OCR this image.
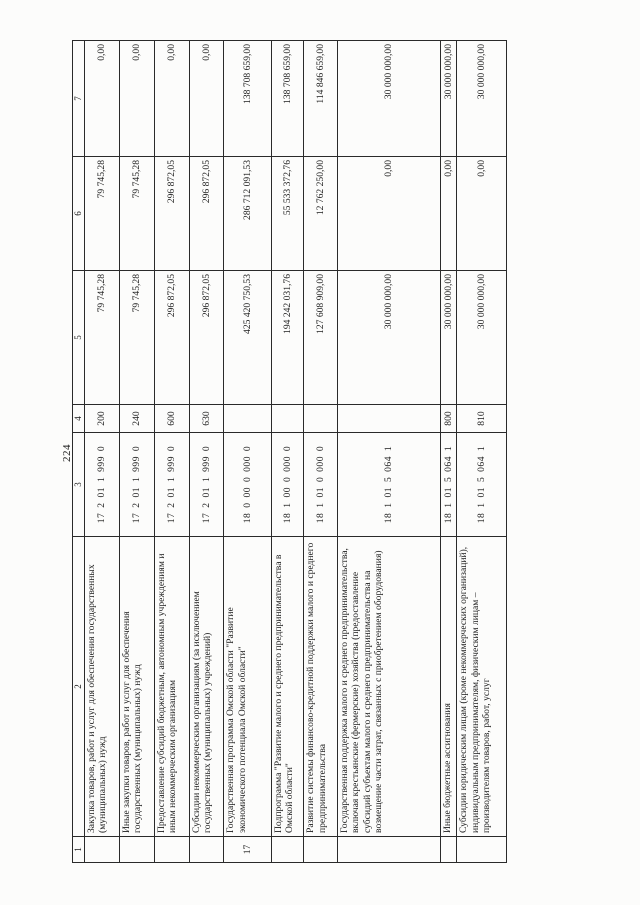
224
1	2	3	4	5	6	7
	Закупка товаров, работ и услуг для обеспечения государственных (муниципальных) нужд	17 2 01 1 999 0	200	79 745,28	79 745,28	0,00
	Иные закупки товаров, работ и услуг для обеспечения государственных (муниципальных) нужд	17 2 01 1 999 0	240	79 745,28	79 745,28	0,00
	Предоставление субсидий бюджетным, автономным учреждениям и иным некоммерческим организациям	17 2 01 1 999 0	600	296 872,05	296 872,05	0,00
	Субсидии некоммерческим организациям (за исключением государственных (муниципальных) учреждений)	17 2 01 1 999 0	630	296 872,05	296 872,05	0,00
17	Государственная программа Омской области "Развитие экономического потенциала Омской области"	18 0 00 0 000 0		425 420 750,53	286 712 091,53	138 708 659,00
	Подпрограмма "Развитие малого и среднего предпринимательства в Омской области"	18 1 00 0 000 0		194 242 031,76	55 533 372,76	138 708 659,00
	Развитие системы финансово-кредитной поддержки малого и среднего предпринимательства	18 1 01 0 000 0		127 608 909,00	12 762 250,00	114 846 659,00
	Государственная поддержка малого и среднего предпринимательства, включая крестьянские (фермерские) хозяйства (предоставление субсидий субъектам малого и среднего предпринимательства на возмещение части затрат, связанных с приобретением оборудования)	18 1 01 5 064 1		30 000 000,00	0,00	30 000 000,00
	Иные бюджетные ассигнования	18 1 01 5 064 1	800	30 000 000,00	0,00	30 000 000,00
	Субсидии юридическим лицам (кроме некоммерческих организаций), индивидуальным предпринимателям, физическим лицам – производителям товаров, работ, услуг	18 1 01 5 064 1	810	30 000 000,00	0,00	30 000 000,00
